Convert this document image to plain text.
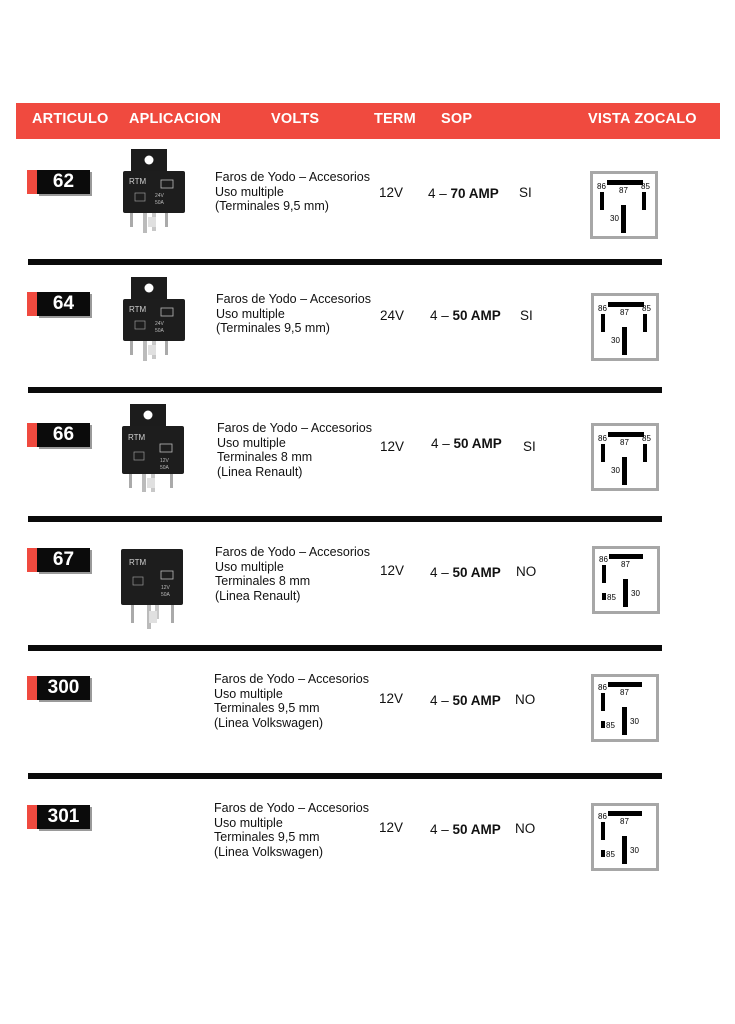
ARTICULO APLICACION	VOLTS	TERM SOP	VISTA ZOCALO
62	RTM
24V
50A
Faros de Yodo – Accesorios
Uso multiple
(Terminales 9,5 mm)
12V 4 – 70 AMP SI	86 87 85
30
64	RTM
24V
50A
Faros de Yodo – Accesorios
Uso multiple
(Terminales 9,5 mm)
24V 4 – 50 AMP SI	86 87 85
30
66	RTM
12V
50A
Faros de Yodo – Accesorios
Uso multiple
Terminales 8 mm
(Linea Renault)
12V 4 – 50 AMP SI
86 87 85
30
67	RTM
12V
50A
Faros de Yodo – Accesorios
Uso multiple
Terminales 8 mm
(Linea Renault)
12V 4 – 50 AMP NO
86
87
85 30
300	Faros de Yodo – Accesorios
Uso multiple
Terminales 9,5 mm
(Linea Volkswagen)
12V 4 – 50 AMP NO
86
87
85 30
301	Faros de Yodo – Accesorios
Uso multiple
Terminales 9,5 mm
(Linea Volkswagen)
12V 4 – 50 AMP NO
86
87
85 30
